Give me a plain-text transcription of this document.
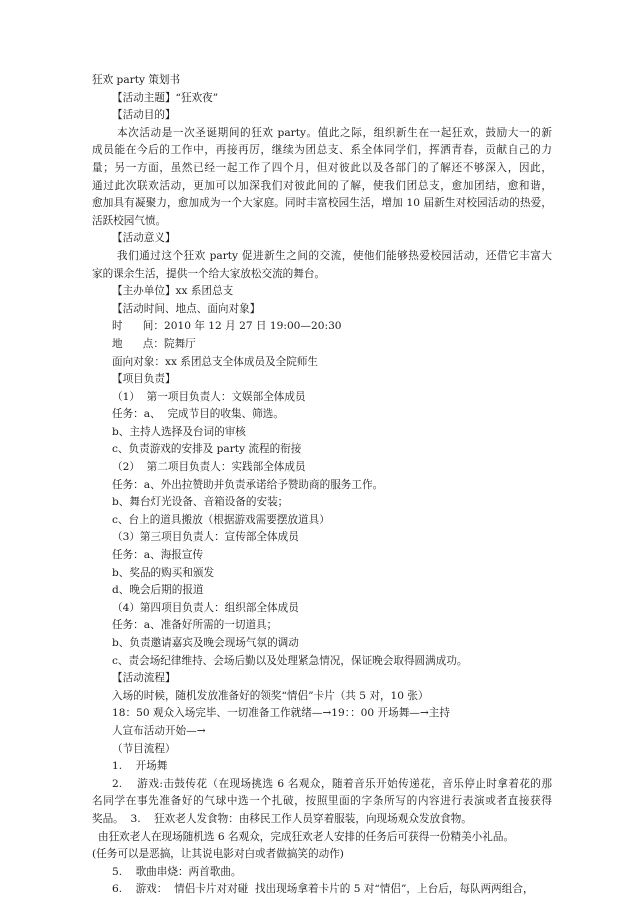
狂欢 party 策划书
【活动主题】“狂欢夜”
【活动目的】
本次活动是一次圣诞期间的狂欢 party。值此之际，组织新生在一起狂欢，鼓励大一的新
成员能在今后的工作中，再接再厉，继续为团总支、系全体同学们，挥洒青春，贡献自己的力
量；另一方面，虽然已经一起工作了四个月，但对彼此以及各部门的了解还不够深入，因此，
通过此次联欢活动，更加可以加深我们对彼此间的了解，使我们团总支，愈加团结，愈和谐，
愈加具有凝聚力，愈加成为一个大家庭。同时丰富校园生活，增加 10 届新生对校园活动的热爱，
活跃校园气愤。
【活动意义】
我们通过这个狂欢 party 促进新生之间的交流，使他们能够热爱校园活动，还借它丰富大
家的课余生活，提供一个给大家放松交流的舞台。
【主办单位】xx 系团总支
【活动时间、地点、面向对象】
时      间：2010 年 12 月 27 日 19:00—20:30
地      点：院舞厅
面向对象：xx 系团总支全体成员及全院师生
【项目负责】
（1）  第一项目负责人：文娱部全体成员
任务：a、  完成节目的收集、筛选。
b、主持人选择及台词的审核
c、负责游戏的安排及 party 流程的衔接
（2）  第二项目负责人：实践部全体成员
任务：a、外出拉赞助并负责承诺给予赞助商的服务工作。
b、舞台灯光设备、音箱设备的安装；
c、台上的道具搬放（根据游戏需要摆放道具）
（3）第三项目负责人：宣传部全体成员
任务：a、海报宣传
b、奖品的购买和颁发
d、晚会后期的报道
（4）第四项目负责人：组织部全体成员
任务：a、准备好所需的一切道具；
b、负责邀请嘉宾及晚会现场气氛的调动
c、责会场纪律维持、会场后勤以及处理紧急情况，保证晚会取得圆满成功。
【活动流程】
入场的时候，随机发放准备好的领奖“情侣”卡片（共 5 对，10 张）
18：50 观众入场完毕、一切准备工作就绪—→19：：00 开场舞—→主持
人宣布活动开始—→
（节目流程）
1.    开场舞
2.    游戏:击鼓传花（在现场挑选 6 名观众，随着音乐开始传递花，音乐停止时拿着花的那
名同学在事先准备好的气球中选一个扎破，按照里面的字条所写的内容进行表演或者直接获得
奖品。  3.    狂欢老人发食物：由移民工作人员穿着服装，向现场观众发放食物。
由狂欢老人在现场随机选 6 名观众，完成狂欢老人安排的任务后可获得一份精美小礼品。
(任务可以是恶搞，让其说电影对白或者做搞笑的动作)
5.    歌曲串烧：两首歌曲。
6.    游戏：  情侣卡片对对碰  找出现场拿着卡片的 5 对“情侣”，上台后，每队两两组合，
